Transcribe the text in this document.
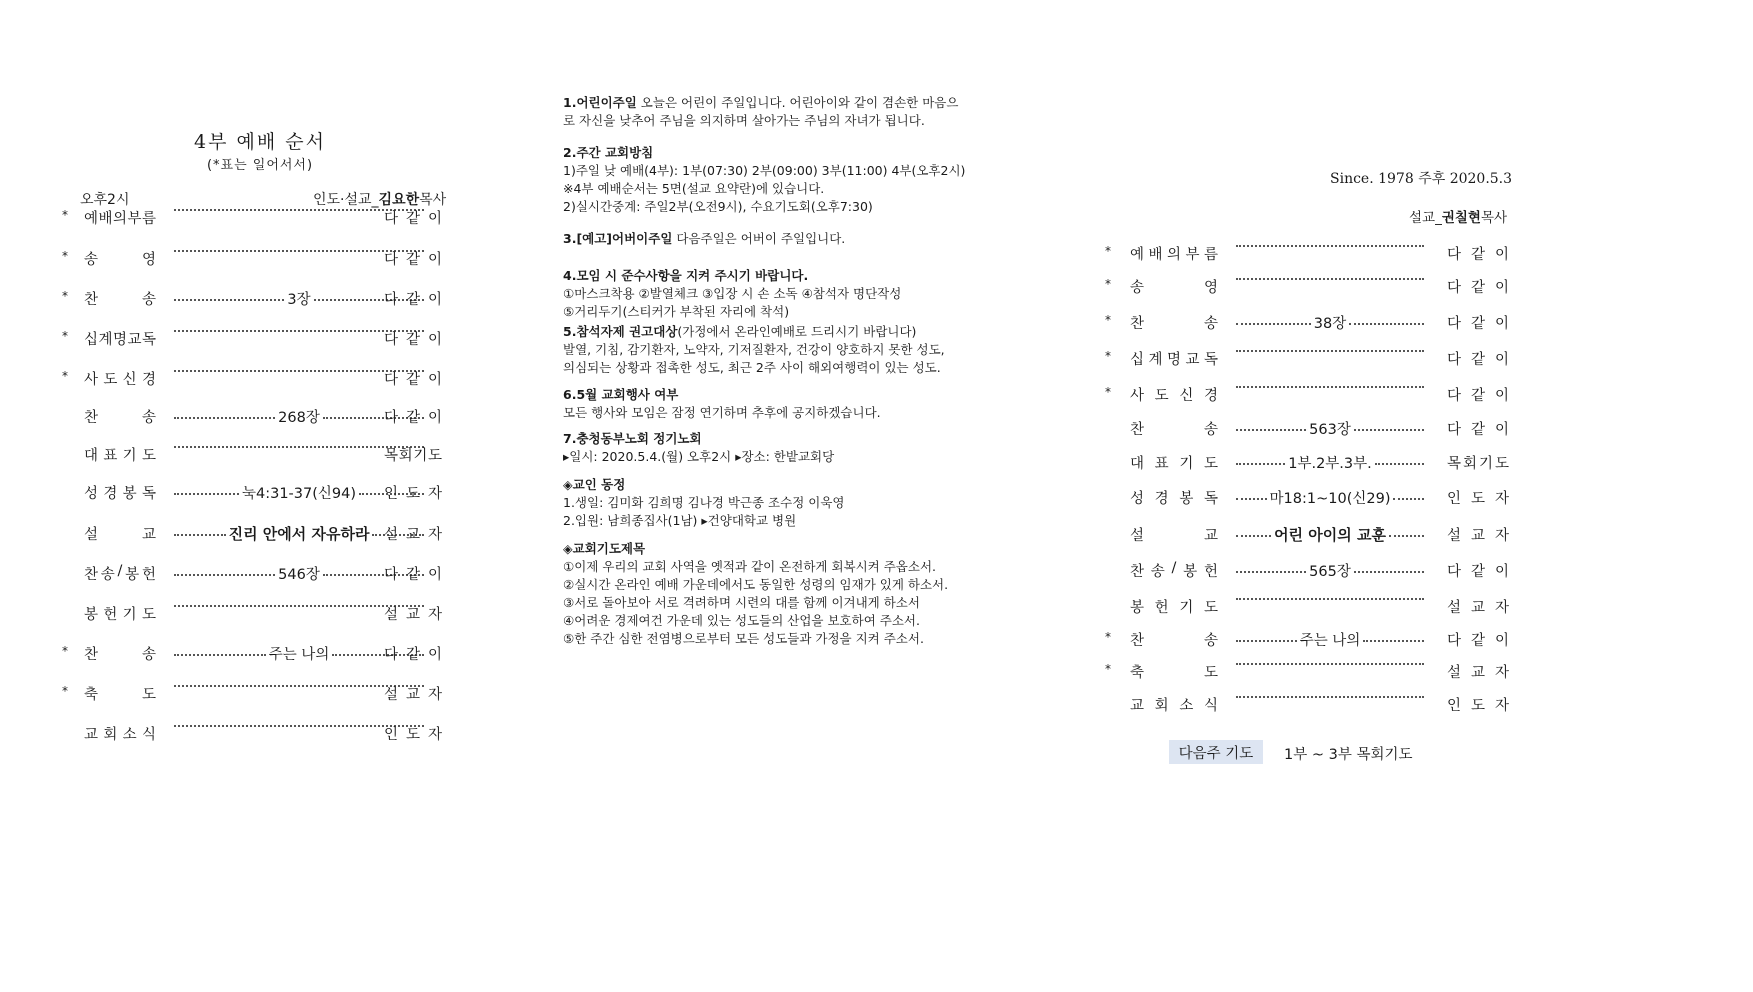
4부 예배 순서
(*표는 일어서서)
오후2시	인도·설교_김요한목사
* 예 배 의 부 름	다 같 이
* 송	영	다 같 이
* 찬	송	3장	다 같 이
* 십 계 명 교 독	다 같 이
* 사 도 신 경	다 같 이
찬	송	268장	다 같 이
대 표 기 도	목 회 기 도
성 경 봉 독	눅4:31-37(신94) 인 도 자
설	교	진리 안에서 자유하라 설 교 자
찬 송 / 봉 헌	546장	다 같 이
봉 헌 기 도	설 교 자
* 찬	송	주는 나의	다 같 이
* 축	도	설 교 자
교 회 소 식	인 도 자
1.어린이주일 오늘은 어린이 주일입니다. 어린아이와 같이 겸손한 마음으
로 자신을 낮추어 주님을 의지하며 살아가는 주님의 자녀가 됩니다.
2.주간 교회방침
1)주일 낮 예배(4부): 1부(07:30) 2부(09:00) 3부(11:00) 4부(오후2시)
※4부 예배순서는 5면(설교 요약란)에 있습니다.
2)실시간중계: 주일2부(오전9시), 수요기도회(오후7:30)
3.[예고]어버이주일 다음주일은 어버이 주일입니다.
4.모임 시 준수사항을 지켜 주시기 바랍니다.
①마스크착용 ②발열체크 ③입장 시 손 소독 ④참석자 명단작성
⑤거리두기(스티커가 부착된 자리에 착석)
5.참석자제 권고대상(가정에서 온라인예배로 드리시기 바랍니다)
발열, 기침, 감기환자, 노약자, 기저질환자, 건강이 양호하지 못한 성도,
의심되는 상황과 접촉한 성도, 최근 2주 사이 해외여행력이 있는 성도.
6.5월 교회행사 여부
모든 행사와 모임은 잠정 연기하며 추후에 공지하겠습니다.
7.충청동부노회 정기노회
▸일시: 2020.5.4.(월) 오후2시 ▸장소: 한밭교회당
◈교인 동정
1.생일: 김미화 김희명 김나경 박근종 조수정 이욱영
2.입원: 남희종집사(1남) ▸건양대학교 병원
◈교회기도제목
①이제 우리의 교회 사역을 옛적과 같이 온전하게 회복시켜 주옵소서.
②실시간 온라인 예배 가운데에서도 동일한 성령의 임재가 있게 하소서.
③서로 돌아보아 서로 격려하며 시련의 대를 함께 이겨내게 하소서
④어려운 경제여건 가운데 있는 성도들의 산업을 보호하여 주소서.
⑤한 주간 심한 전염병으로부터 모든 성도들과 가정을 지켜 주소서.
Since. 1978 주후 2020.5.3
설교_권칠현목사
* 예 배 의 부 름	다 같 이
* 송	영	다 같 이
* 찬	송	38장	다 같 이
* 십 계 명 교 독	다 같 이
* 사 도 신 경	다 같 이
찬	송	563장	다 같 이
대 표 기 도	1부.2부.3부.	목 회 기 도
성 경 봉 독	마18:1~10(신29)	인 도 자
설	교	어린 아이의 교훈	설 교 자
찬 송 / 봉 헌	565장	다 같 이
봉 헌 기 도	설 교 자
* 찬	송	주는 나의	다 같 이
* 축	도	설 교 자
교 회 소 식	인 도 자
다음주 기도	1부 ~ 3부 목회기도
